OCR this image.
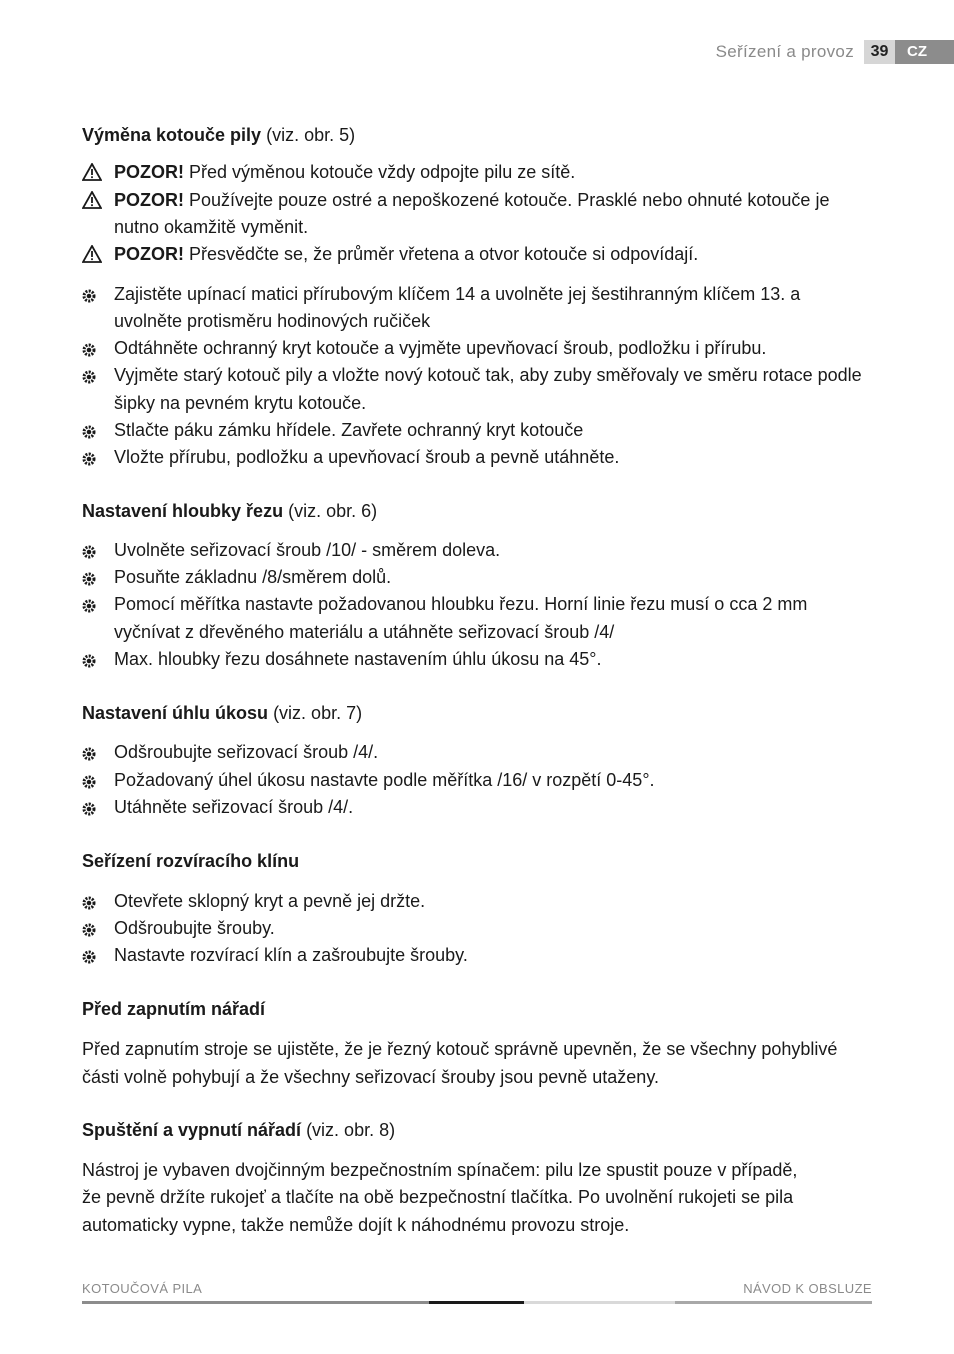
Seřízení a provoz	39	CZ
Výměna kotouče pily (viz. obr. 5)
POZOR! Před výměnou kotouče vždy odpojte pilu ze sítě.
POZOR! Používejte pouze ostré a nepoškozené kotouče. Prasklé nebo ohnuté kotouče je
nutno okamžitě vyměnit.
POZOR! Přesvědčte se, že průměr vřetena a otvor kotouče si odpovídají.
Zajistěte upínací matici přírubovým klíčem 14 a uvolněte jej šestihranným klíčem 13. a
uvolněte protisměru hodinových ručiček
Odtáhněte ochranný kryt kotouče a vyjměte upevňovací šroub, podložku i přírubu.
Vyjměte starý kotouč pily a vložte nový kotouč tak, aby zuby směřovaly ve směru rotace podle
šipky na pevném krytu kotouče.
Stlačte páku zámku hřídele. Zavřete ochranný kryt kotouče
Vložte přírubu, podložku a upevňovací šroub a pevně utáhněte.
Nastavení hloubky řezu (viz. obr. 6)
Uvolněte seřizovací šroub /10/ - směrem doleva.
Posuňte základnu /8/směrem dolů.
Pomocí měřítka nastavte požadovanou hloubku řezu. Horní linie řezu musí o cca 2 mm
vyčnívat z dřevěného materiálu a utáhněte seřizovací šroub /4/
Max. hloubky řezu dosáhnete nastavením úhlu úkosu na 45°.
Nastavení úhlu úkosu (viz. obr. 7)
Odšroubujte seřizovací šroub /4/.
Požadovaný úhel úkosu nastavte podle měřítka /16/ v rozpětí 0-45°.
Utáhněte seřizovací šroub /4/.
Seřízení rozvíracího klínu
Otevřete sklopný kryt a pevně jej držte.
Odšroubujte šrouby.
Nastavte rozvírací klín a zašroubujte šrouby.
Před zapnutím nářadí
Před zapnutím stroje se ujistěte, že je řezný kotouč správně upevněn, že se všechny pohyblivé
části volně pohybují a že všechny seřizovací šrouby jsou pevně utaženy.
Spuštění a vypnutí nářadí (viz. obr. 8)
Nástroj je vybaven dvojčinným bezpečnostním spínačem: pilu lze spustit pouze v případě,
že pevně držíte rukojeť a tlačíte na obě bezpečnostní tlačítka. Po uvolnění rukojeti se pila
automaticky vypne, takže nemůže dojít k náhodnému provozu stroje.
KOTOUČOVÁ PILA	NÁVOD K OBSLUZE
